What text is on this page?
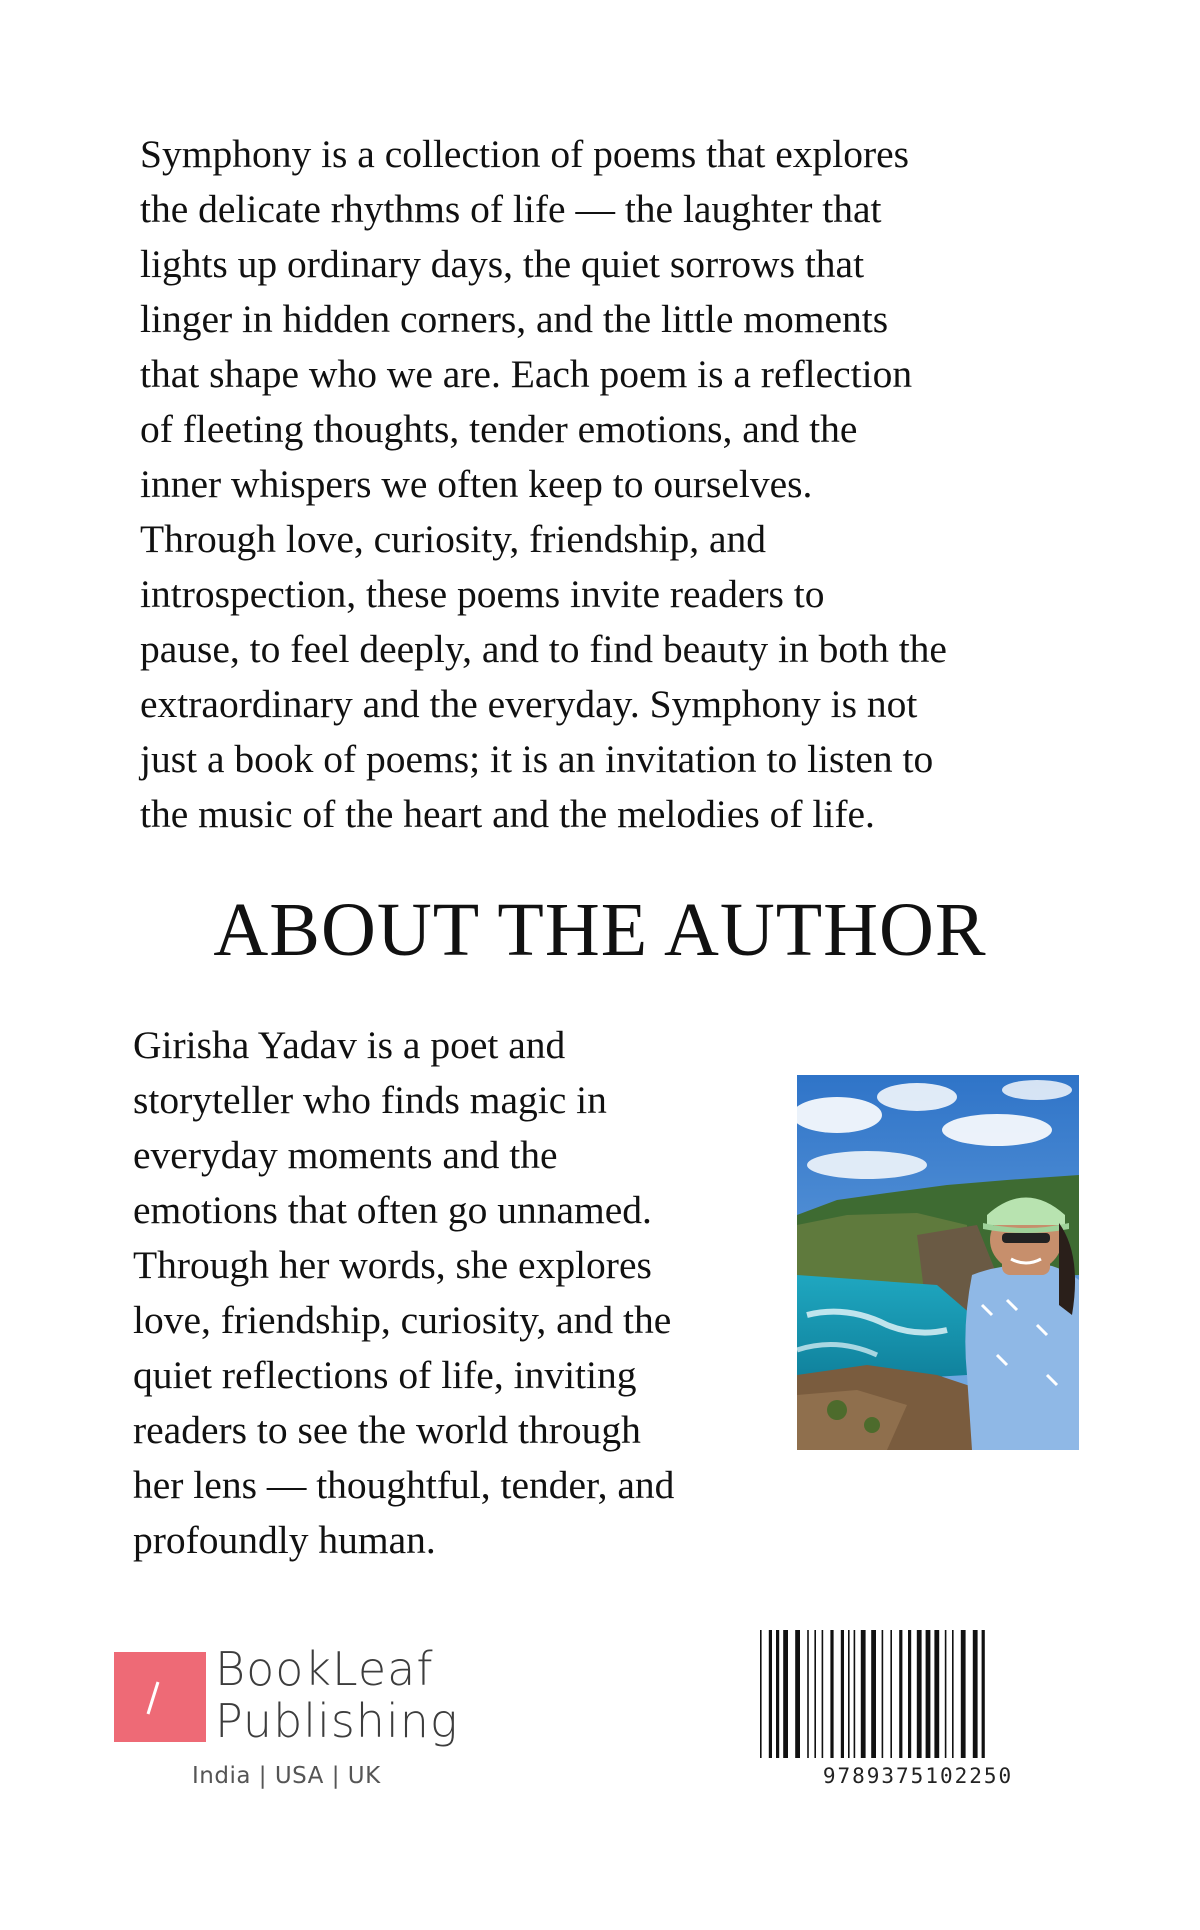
Symphony is a collection of poems that explores
the delicate rhythms of life — the laughter that
lights up ordinary days, the quiet sorrows that
linger in hidden corners, and the little moments
that shape who we are. Each poem is a reflection
of fleeting thoughts, tender emotions, and the
inner whispers we often keep to ourselves.
Through love, curiosity, friendship, and
introspection, these poems invite readers to
pause, to feel deeply, and to find beauty in both the
extraordinary and the everyday. Symphony is not
just a book of poems; it is an invitation to listen to
the music of the heart and the melodies of life.
ABOUT THE AUTHOR
Girisha Yadav is a poet and
storyteller who finds magic in
everyday moments and the
emotions that often go unnamed.
Through her words, she explores
love, friendship, curiosity, and the
quiet reflections of life, inviting
readers to see the world through
her lens — thoughtful, tender, and
profoundly human.
BookLeaf
Publishing
India | USA | UK	9789375102250
